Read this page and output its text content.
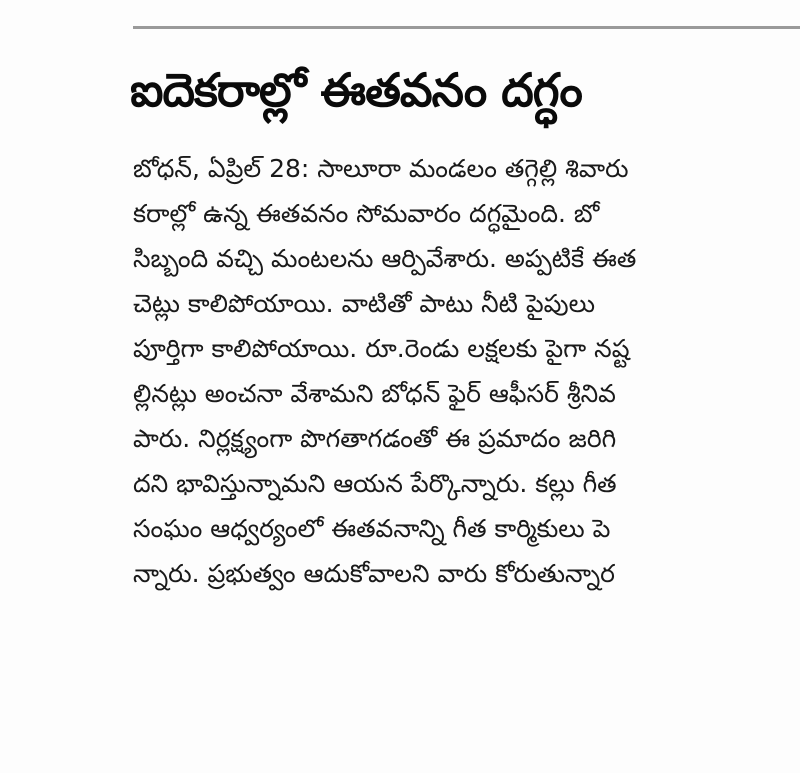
ఐదెకరాల్లో ఈతవనం దగ్ధం
బోధన్, ఏప్రిల్ 28: సాలూరా మండలం తగ్గెల్లి శివారు
కరాల్లో ఉన్న ఈతవనం సోమవారం దగ్ధమైంది. బో
సిబ్బంది వచ్చి మంటలను ఆర్పివేశారు. అప్పటికే ఈత
చెట్లు కాలిపోయాయి. వాటితో పాటు నీటి పైపులు
పూర్తిగా కాలిపోయాయి. రూ.రెండు లక్షలకు పైగా నష్ట
ల్లినట్లు అంచనా వేశామని బోధన్ ఫైర్ ఆఫీసర్ శ్రీనివ
పారు. నిర్లక్ష్యంగా పొగతాగడంతో ఈ ప్రమాదం జరిగి
దని భావిస్తున్నామని ఆయన పేర్కొన్నారు. కల్లు గీత
సంఘం ఆధ్వర్యంలో ఈతవనాన్ని గీత కార్మికులు పె
న్నారు. ప్రభుత్వం ఆదుకోవాలని వారు కోరుతున్నార
